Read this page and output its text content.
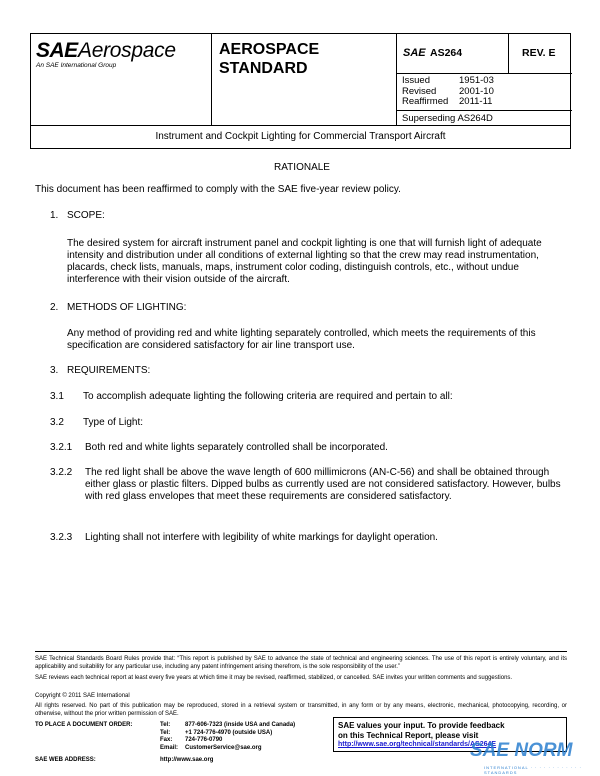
SAE Aerospace
An SAE International Group
AEROSPACE
STANDARD
SAE AS264	REV. E
Issued	1951-03
Revised	2001-10
Reaffirmed	2011-11
Superseding AS264D
Instrument and Cockpit Lighting for Commercial Transport Aircraft
RATIONALE
This document has been reaffirmed to comply with the SAE five-year review policy.
1. SCOPE:
The desired system for aircraft instrument panel and cockpit lighting is one that will furnish light of adequate intensity and distribution under all conditions of external lighting so that the crew may read instrumentation, placards, check lists, manuals, maps, instrument color coding, distinguish controls, etc., without undue interference with their vision outside of the aircraft.
2. METHODS OF LIGHTING:
Any method of providing red and white lighting separately controlled, which meets the requirements of this specification are considered satisfactory for air line transport use.
3. REQUIREMENTS:
3.1 To accomplish adequate lighting the following criteria are required and pertain to all:
3.2 Type of Light:
3.2.1 Both red and white lights separately controlled shall be incorporated.
3.2.2 The red light shall be above the wave length of 600 millimicrons (AN-C-56) and shall be obtained through either glass or plastic filters. Dipped bulbs as currently used are not considered satisfactory. However, bulbs with red glass envelopes that meet these requirements are considered satisfactory.
3.2.3 Lighting shall not interfere with legibility of white markings for daylight operation.
SAE Technical Standards Board Rules provide that: “This report is published by SAE to advance the state of technical and engineering sciences. The use of this report is entirely voluntary, and its applicability and suitability for any particular use, including any patent infringement arising therefrom, is the sole responsibility of the user.”
SAE reviews each technical report at least every five years at which time it may be revised, reaffirmed, stabilized, or cancelled. SAE invites your written comments and suggestions.
Copyright © 2011 SAE International
All rights reserved. No part of this publication may be reproduced, stored in a retrieval system or transmitted, in any form or by any means, electronic, mechanical, photocopying, recording, or otherwise, without the prior written permission of SAE.
TO PLACE A DOCUMENT ORDER:	Tel:	877-606-7323 (inside USA and Canada)
Tel:	+1 724-776-4970 (outside USA)
Fax:	724-776-0790
Email:	CustomerService@sae.org
SAE WEB ADDRESS:	http://www.sae.org
SAE values your input. To provide feedback
on this Technical Report, please visit
http://www.sae.org/technical/standards/AS264E
SAE NORM
INTERNATIONAL · · · · · · · · · · · · STANDARDS
